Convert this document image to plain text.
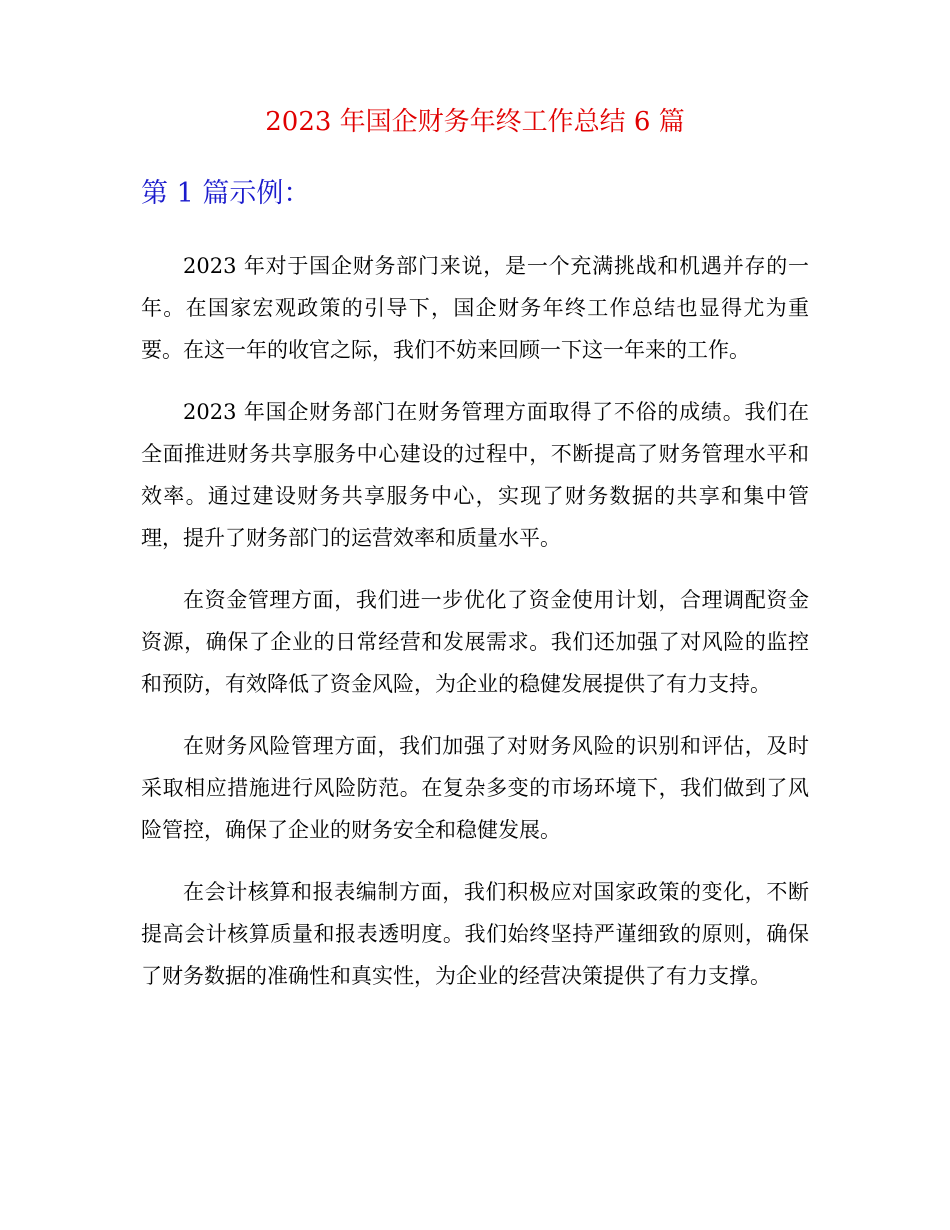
2023 年国企财务年终工作总结 6 篇
第 1 篇示例：

2023 年对于国企财务部门来说，是一个充满挑战和机遇并存的一年。在国家宏观政策的引导下，国企财务年终工作总结也显得尤为重要。在这一年的收官之际，我们不妨来回顾一下这一年来的工作。

2023 年国企财务部门在财务管理方面取得了不俗的成绩。我们在全面推进财务共享服务中心建设的过程中，不断提高了财务管理水平和效率。通过建设财务共享服务中心，实现了财务数据的共享和集中管理，提升了财务部门的运营效率和质量水平。

在资金管理方面，我们进一步优化了资金使用计划，合理调配资金资源，确保了企业的日常经营和发展需求。我们还加强了对风险的监控和预防，有效降低了资金风险，为企业的稳健发展提供了有力支持。

在财务风险管理方面，我们加强了对财务风险的识别和评估，及时采取相应措施进行风险防范。在复杂多变的市场环境下，我们做到了风险管控，确保了企业的财务安全和稳健发展。

在会计核算和报表编制方面，我们积极应对国家政策的变化，不断提高会计核算质量和报表透明度。我们始终坚持严谨细致的原则，确保了财务数据的准确性和真实性，为企业的经营决策提供了有力支撑。
